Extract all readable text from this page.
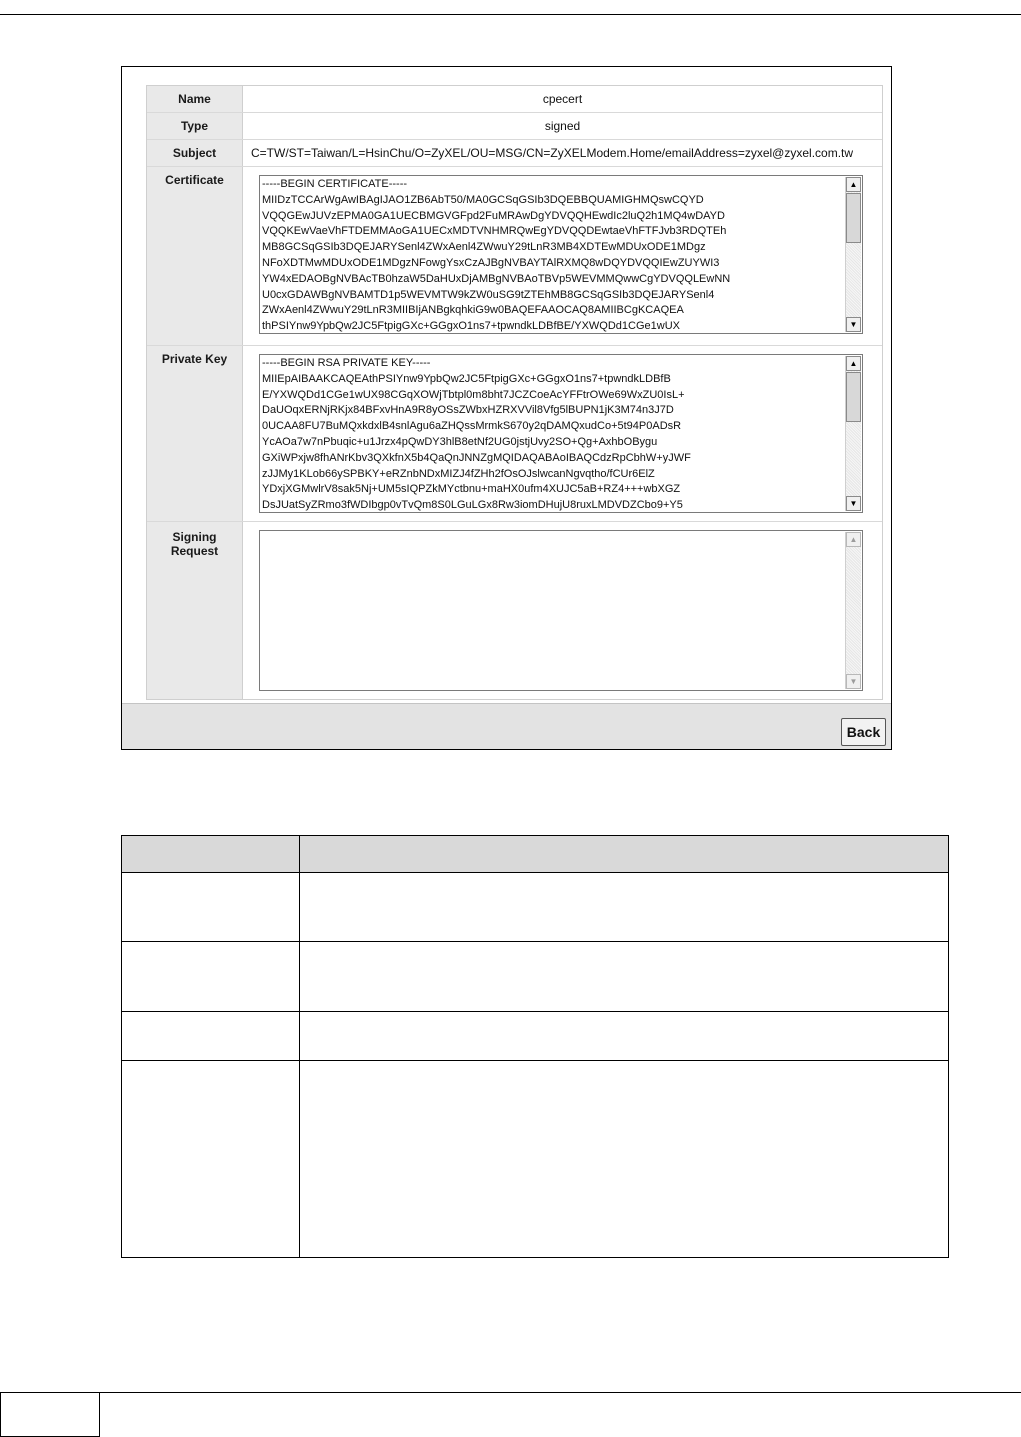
Name	cpecert
Type	signed
Subject	C=TW/ST=Taiwan/L=HsinChu/O=ZyXEL/OU=MSG/CN=ZyXELModem.Home/emailAddress=zyxel@zyxel.com.tw
Certificate	-----BEGIN CERTIFICATE-----
MIIDzTCCArWgAwIBAgIJAO1ZB6AbT50/MA0GCSqGSIb3DQEBBQUAMIGHMQswCQYD
VQQGEwJUVzEPMA0GA1UECBMGVGFpd2FuMRAwDgYDVQQHEwdIc2luQ2h1MQ4wDAYD
VQQKEwVaeVhFTDEMMAoGA1UECxMDTVNHMRQwEgYDVQQDEwtaeVhFTFJvb3RDQTEh
MB8GCSqGSIb3DQEJARYSenl4ZWxAenl4ZWwuY29tLnR3MB4XDTEwMDUxODE1MDgz
NFoXDTMwMDUxODE1MDgzNFowgYsxCzAJBgNVBAYTAlRXMQ8wDQYDVQQIEwZUYWI3
YW4xEDAOBgNVBAcTB0hzaW5DaHUxDjAMBgNVBAoTBVp5WEVMMQwwCgYDVQQLEwNN
U0cxGDAWBgNVBAMTD1p5WEVMTW9kZW0uSG9tZTEhMB8GCSqGSIb3DQEJARYSenl4
ZWxAenl4ZWwuY29tLnR3MIIBIjANBgkqhkiG9w0BAQEFAAOCAQ8AMIIBCgKCAQEA
thPSIYnw9YpbQw2JC5FtpigGXc+GGgxO1ns7+tpwndkLDBfBE/YXWQDd1CGe1wUX
▲
▼
Private Key	-----BEGIN RSA PRIVATE KEY-----
MIIEpAIBAAKCAQEAthPSIYnw9YpbQw2JC5FtpigGXc+GGgxO1ns7+tpwndkLDBfB
E/YXWQDd1CGe1wUX98CGqXOWjTbtpl0m8bht7JCZCoeAcYFFtrOWe69WxZU0IsL+
DaUOqxERNjRKjx84BFxvHnA9R8yOSsZWbxHZRXVVil8Vfg5lBUPN1jK3M74n3J7D
0UCAA8FU7BuMQxkdxlB4snlAgu6aZHQssMrmkS670y2qDAMQxudCo+5t94P0ADsR
YcAOa7w7nPbuqic+u1Jrzx4pQwDY3hlB8etNf2UG0jstjUvy2SO+Qg+AxhbOBygu
GXiWPxjw8fhANrKbv3QXkfnX5b4QaQnJNNZgMQIDAQABAoIBAQCdzRpCbhW+yJWF
zJJMy1KLob66ySPBKY+eRZnbNDxMIZJ4fZHh2fOsOJslwcanNgvqtho/fCUr6ElZ
YDxjXGMwlrV8sak5Nj+UM5sIQPZkMYctbnu+maHX0ufm4XUJC5aB+RZ4+++wbXGZ
DsJUatSyZRmo3fWDIbgp0vTvQm8S0LGuLGx8Rw3iomDHujU8ruxLMDVDZCbo9+Y5
▲
▼
Signing
Request
▲
▼
Back
